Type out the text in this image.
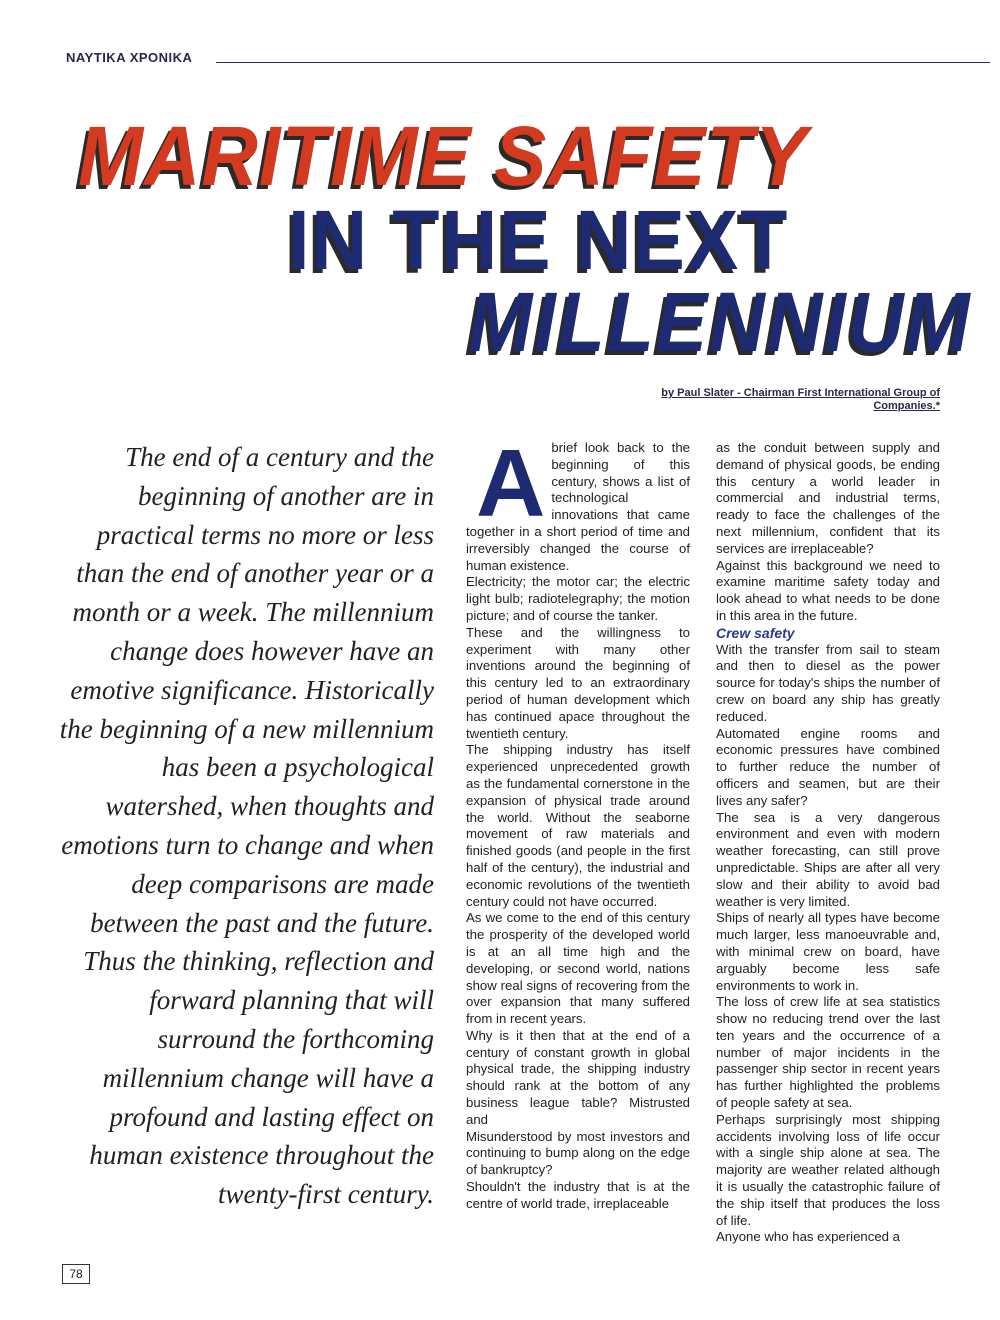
NAYTIKA XPONIKA
MARITIME SAFETY
IN THE NEXT
MILLENNIUM
by Paul Slater - Chairman First International Group of Companies.*
The end of a century and the beginning of another are in practical terms no more or less than the end of another year or a month or a week. The millennium change does however have an emotive significance. Historically the beginning of a new millennium has been a psychological watershed, when thoughts and emotions turn to change and when deep comparisons are made between the past and the future. Thus the thinking, reflection and forward planning that will surround the forthcoming millennium change will have a profound and lasting effect on human existence throughout the twenty-first century.
A brief look back to the beginning of this century, shows a list of technological innovations that came together in a short period of time and irreversibly changed the course of human existence.

Electricity; the motor car; the electric light bulb; radiotelegraphy; the motion picture; and of course the tanker.

These and the willingness to experiment with many other inventions around the beginning of this century led to an extraordinary period of human development which has continued apace throughout the twentieth century.

The shipping industry has itself experienced unprecedented growth as the fundamental cornerstone in the expansion of physical trade around the world. Without the seaborne movement of raw materials and finished goods (and people in the first half of the century), the industrial and economic revolutions of the twentieth century could not have occurred.

As we come to the end of this century the prosperity of the developed world is at an all time high and the developing, or second world, nations show real signs of recovering from the over expansion that many suffered from in recent years.

Why is it then that at the end of a century of constant growth in global physical trade, the shipping industry should rank at the bottom of any business league table? Mistrusted and

Misunderstood by most investors and continuing to bump along on the edge of bankruptcy?

Shouldn't the industry that is at the centre of world trade, irreplaceable

as the conduit between supply and demand of physical goods, be ending this century a world leader in commercial and industrial terms, ready to face the challenges of the next millennium, confident that its services are irreplaceable?

Against this background we need to examine maritime safety today and look ahead to what needs to be done in this area in the future.

Crew safety

With the transfer from sail to steam and then to diesel as the power source for today's ships the number of crew on board any ship has greatly reduced.

Automated engine rooms and economic pressures have combined to further reduce the number of officers and seamen, but are their lives any safer?

The sea is a very dangerous environment and even with modern weather forecasting, can still prove unpredictable. Ships are after all very slow and their ability to avoid bad weather is very limited.

Ships of nearly all types have become much larger, less manoeuvrable and, with minimal crew on board, have arguably become less safe environments to work in.

The loss of crew life at sea statistics show no reducing trend over the last ten years and the occurrence of a number of major incidents in the passenger ship sector in recent years has further highlighted the problems of people safety at sea.

Perhaps surprisingly most shipping accidents involving loss of life occur with a single ship alone at sea. The majority are weather related although it is usually the catastrophic failure of the ship itself that produces the loss of life.

Anyone who has experienced a

78
